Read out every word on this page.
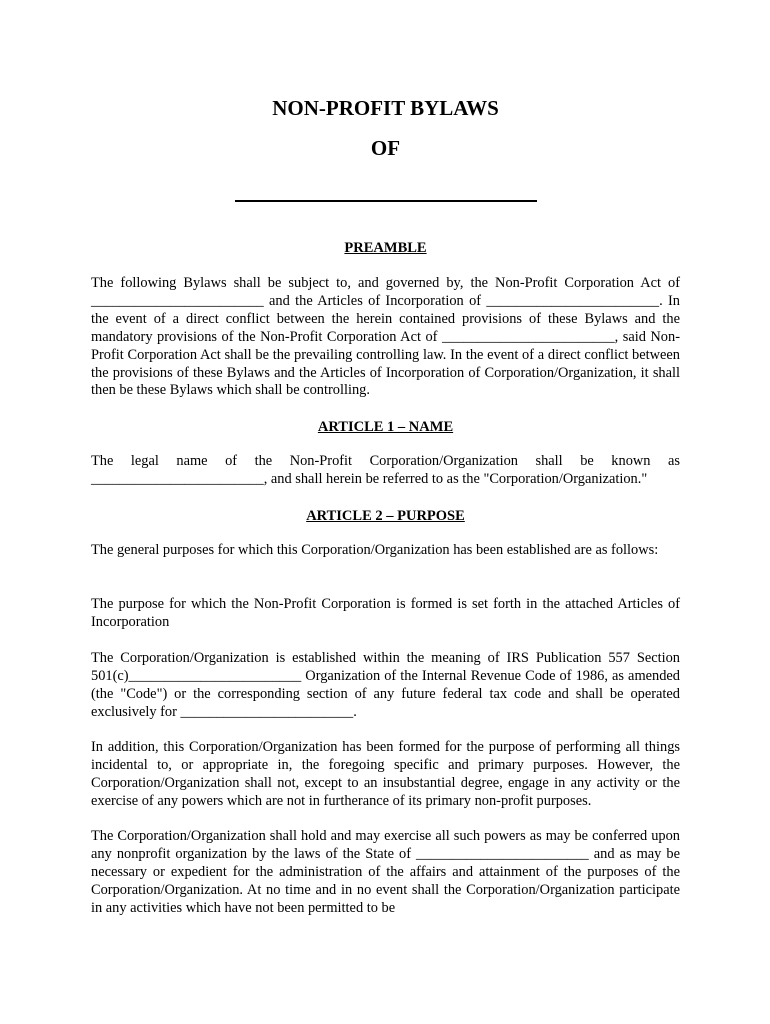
NON-PROFIT BYLAWS
OF
PREAMBLE

The following Bylaws shall be subject to, and governed by, the Non-Profit Corporation Act of ________________________ and the Articles of Incorporation of ________________________. In the event of a direct conflict between the herein contained provisions of these Bylaws and the mandatory provisions of the Non-Profit Corporation Act of ________________________, said Non-Profit Corporation Act shall be the prevailing controlling law. In the event of a direct conflict between the provisions of these Bylaws and the Articles of Incorporation of Corporation/Organization, it shall then be these Bylaws which shall be controlling.

ARTICLE 1 – NAME

The legal name of the Non-Profit Corporation/Organization shall be known as ________________________, and shall herein be referred to as the "Corporation/Organization."

ARTICLE 2 – PURPOSE

The general purposes for which this Corporation/Organization has been established are as follows:

The purpose for which the Non-Profit Corporation is formed is set forth in the attached Articles of Incorporation

The Corporation/Organization is established within the meaning of IRS Publication 557 Section 501(c)________________________ Organization of the Internal Revenue Code of 1986, as amended (the "Code") or the corresponding section of any future federal tax code and shall be operated exclusively for ________________________.

In addition, this Corporation/Organization has been formed for the purpose of performing all things incidental to, or appropriate in, the foregoing specific and primary purposes. However, the Corporation/Organization shall not, except to an insubstantial degree, engage in any activity or the exercise of any powers which are not in furtherance of its primary non-profit purposes.

The Corporation/Organization shall hold and may exercise all such powers as may be conferred upon any nonprofit organization by the laws of the State of ________________________ and as may be necessary or expedient for the administration of the affairs and attainment of the purposes of the Corporation/Organization. At no time and in no event shall the Corporation/Organization participate in any activities which have not been permitted to be
